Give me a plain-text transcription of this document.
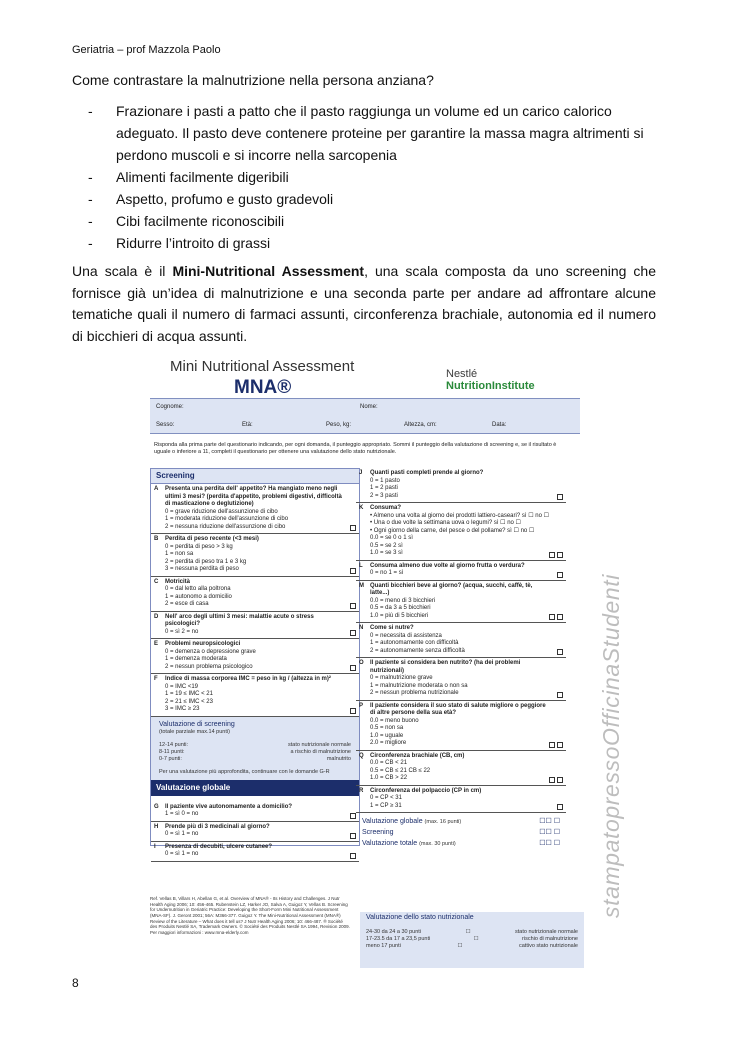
Geriatria – prof Mazzola Paolo
Come contrastare la malnutrizione nella persona anziana?
- Frazionare i pasti a patto che il pasto raggiunga un volume ed un carico calorico adeguato. Il pasto deve contenere proteine per garantire la massa magra altrimenti si perdono muscoli e si incorre nella sarcopenia
- Alimenti facilmente digeribili
- Aspetto, profumo e gusto gradevoli
- Cibi facilmente riconoscibili
- Ridurre l’introito di grassi

Una scala è il Mini-Nutritional Assessment, una scala composta da uno screening che fornisce già un’idea di malnutrizione e una seconda parte per andare ad affrontare alcune tematiche quali il numero di farmaci assunti, circonferenza brachiale, autonomia ed il numero di bicchieri di acqua assunti.

Mini Nutritional Assessment
MNA®
Nestlé
NutritionInstitute
Cognome:	Nome:
Sesso:	Età:	Peso, kg:	Altezza, cm:	Data:
Risponda alla prima parte del questionario indicando, per ogni domanda, il punteggio appropriato. Sommi il punteggio della valutazione di screening e, se il risultato è uguale o inferiore a 11, completi il questionario per ottenere una valutazione dello stato nutrizionale.
Screening
A Presenta una perdita dell' appetito? Ha mangiato meno negli ultimi 3 mesi? (perdita d'appetito, problemi digestivi, difficoltà di masticazione o deglutizione)
0 = grave riduzione dell'assunzione di cibo
1 = moderata riduzione dell'assunzione di cibo
2 = nessuna riduzione dell'assunzione di cibo
B Perdita di peso recente (<3 mesi)
0 = perdita di peso > 3 kg
1 = non sa
2 = perdita di peso tra 1 e 3 kg
3 = nessuna perdita di peso
C Motricità
0 = dal letto alla poltrona
1 = autonomo a domicilio
2 = esce di casa
D Nell' arco degli ultimi 3 mesi: malattie acute o stress psicologici?
0 = sì 2 = no
E Problemi neuropsicologici
0 = demenza o depressione grave
1 = demenza moderata
2 = nessun problema psicologico
F Indice di massa corporea IMC = peso in kg / (altezza in m)²
0 = IMC <19
1 = 19 ≤ IMC < 21
2 = 21 ≤ IMC < 23
3 = IMC ≥ 23
Valutazione di screening
(totale parziale max.14 punti)
12-14 punti:	stato nutrizionale normale
8-11 punti:	a rischio di malnutrizione
0-7 punti:	malnutrito
Per una valutazione più approfondita, continuare con le domande G-R
Valutazione globale
G Il paziente vive autonomamente a domicilio?
1 = sì 0 = no
H Prende più di 3 medicinali al giorno?
0 = sì 1 = no
I Presenza di decubiti, ulcere cutanee?
0 = sì 1 = no
J Quanti pasti completi prende al giorno?
0 = 1 pasto
1 = 2 pasti
2 = 3 pasti
K Consuma?
• Almeno una volta al giorno dei prodotti lattiero-caseari? sì ☐ no ☐
• Una o due volte la settimana uova o legumi? sì ☐ no ☐
• Ogni giorno della carne, del pesce o del pollame? sì ☐ no ☐
0.0 = se 0 o 1 sì
0.5 = se 2 sì
1.0 = se 3 sì
L Consuma almeno due volte al giorno frutta o verdura?
0 = no 1 = sì
M Quanti bicchieri beve al giorno? (acqua, succhi, caffè, tè, latte...)
0.0 = meno di 3 bicchieri
0.5 = da 3 a 5 bicchieri
1.0 = più di 5 bicchieri
N Come si nutre?
0 = necessita di assistenza
1 = autonomamente con difficoltà
2 = autonomamente senza difficoltà
O Il paziente si considera ben nutrito? (ha dei problemi nutrizionali)
0 = malnutrizione grave
1 = malnutrizione moderata o non sa
2 = nessun problema nutrizionale
P Il paziente considera il suo stato di salute migliore o peggiore di altre persone della sua età?
0.0 = meno buono
0.5 = non sa
1.0 = uguale
2.0 = migliore
Q Circonferenza brachiale (CB, cm)
0.0 = CB < 21
0.5 = CB ≤ 21 CB ≤ 22
1.0 = CB > 22
R Circonferenza del polpaccio (CP in cm)
0 = CP < 31
1 = CP ≥ 31
Valutazione globale (max. 16 punti)	☐☐ ☐
Screening	☐☐ ☐
Valutazione totale (max. 30 punti)	☐☐ ☐
Ref. Vellas B, Villars H, Abellan G, et al. Overview of MNA® - Its History and Challenges. J Nutr Health Aging 2006; 10: 456-465. Rubenstein LZ, Harker JO, Salva A, Guigoz Y, Vellas B. Screening for Undernutrition in Geriatric Practice: Developing the Short-Form Mini Nutritional Assessment (MNA-SF). J. Geront 2001; 56A: M366-377. Guigoz Y. The Mini-Nutritional Assessment (MNA®) Review of the Literature – What does it tell us? J Nutr Health Aging 2006; 10: 466-487. ® Société des Produits Nestlé SA, Trademark Owners. © Société des Produits Nestlé SA 1994, Revision 2009. Per maggiori informazioni : www.mna-elderly.com
Valutazione dello stato nutrizionale
24-30 da 24 a 30 punti	☐	stato nutrizionale normale
17-23.5 da 17 a 23,5 punti	☐	rischio di malnutrizione
meno 17 punti	☐	cattivo stato nutrizionale
stampatopressoOfficinaStudenti
8
